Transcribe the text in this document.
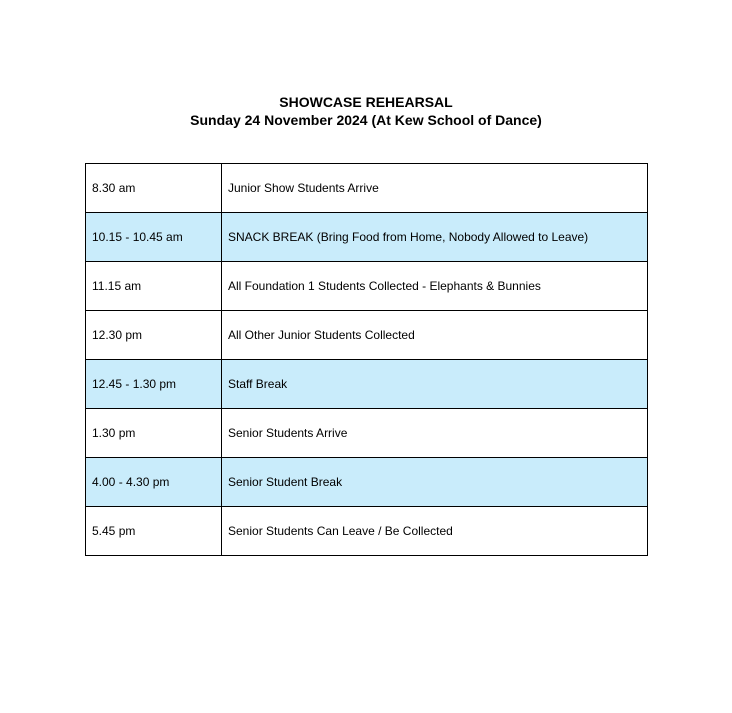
SHOWCASE REHEARSAL
Sunday 24 November 2024 (At Kew School of Dance)
8.30 am	Junior Show Students Arrive
10.15 - 10.45 am	SNACK BREAK (Bring Food from Home, Nobody Allowed to Leave)
11.15 am	All Foundation 1 Students Collected - Elephants & Bunnies
12.30 pm	All Other Junior Students Collected
12.45 - 1.30 pm	Staff Break
1.30 pm	Senior Students Arrive
4.00 - 4.30 pm	Senior Student Break
5.45 pm	Senior Students Can Leave / Be Collected
